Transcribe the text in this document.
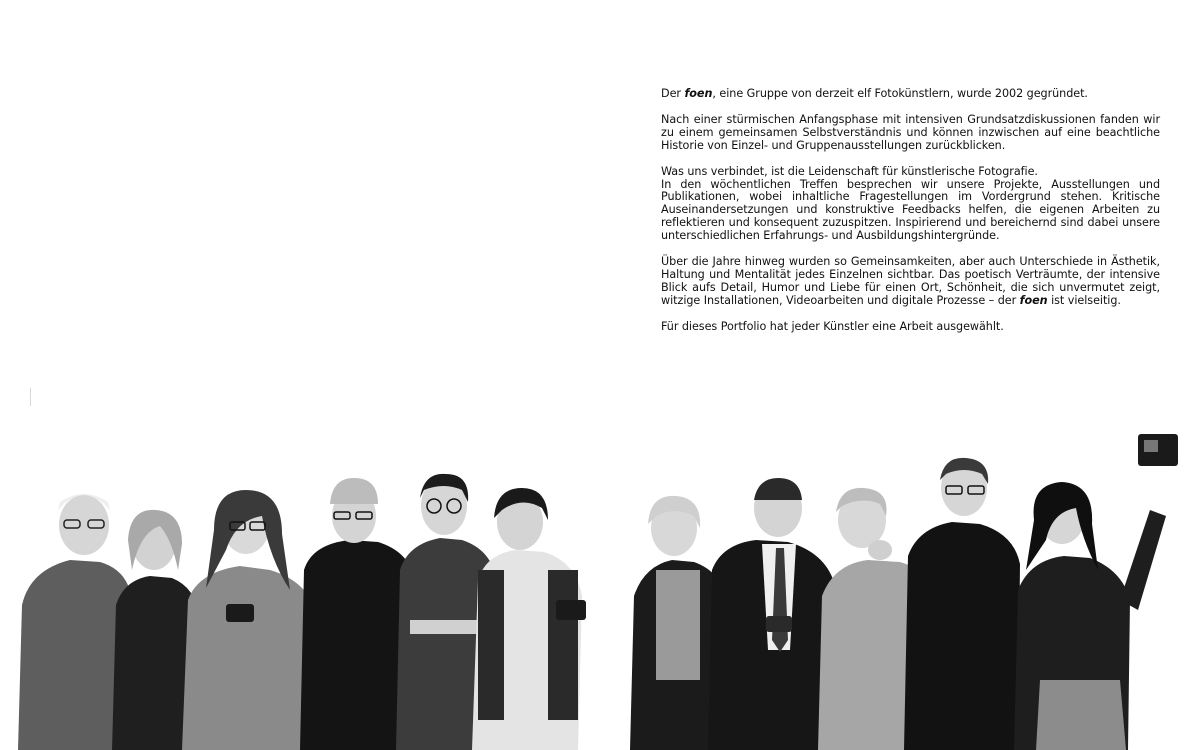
Der foen, eine Gruppe von derzeit elf Fotokünstlern, wurde 2002 gegründet.

Nach einer stürmischen Anfangsphase mit intensiven Grundsatzdiskussionen fanden wir zu einem gemeinsamen Selbstverständnis und können inzwischen auf eine beachtliche Historie von Einzel- und Gruppenausstellungen zurückblicken.

Was uns verbindet, ist die Leidenschaft für künstlerische Fotografie.
In den wöchentlichen Treffen besprechen wir unsere Projekte, Ausstellungen und Publikationen, wobei inhaltliche Fragestellungen im Vordergrund stehen. Kritische Auseinandersetzungen und konstruktive Feedbacks helfen, die eigenen Arbeiten zu reflektieren und konsequent zuzuspitzen. Inspirierend und bereichernd sind dabei unsere unterschiedlichen Erfahrungs- und Ausbildungshintergründe.

Über die Jahre hinweg wurden so Gemeinsamkeiten, aber auch Unterschiede in Ästhetik, Haltung und Mentalität jedes Einzelnen sichtbar. Das poetisch Verträumte, der intensive Blick aufs Detail, Humor und Liebe für einen Ort, Schönheit, die sich unvermutet zeigt, witzige Installationen, Videoarbeiten und digitale Prozesse – der foen ist vielseitig.

Für dieses Portfolio hat jeder Künstler eine Arbeit ausgewählt.
